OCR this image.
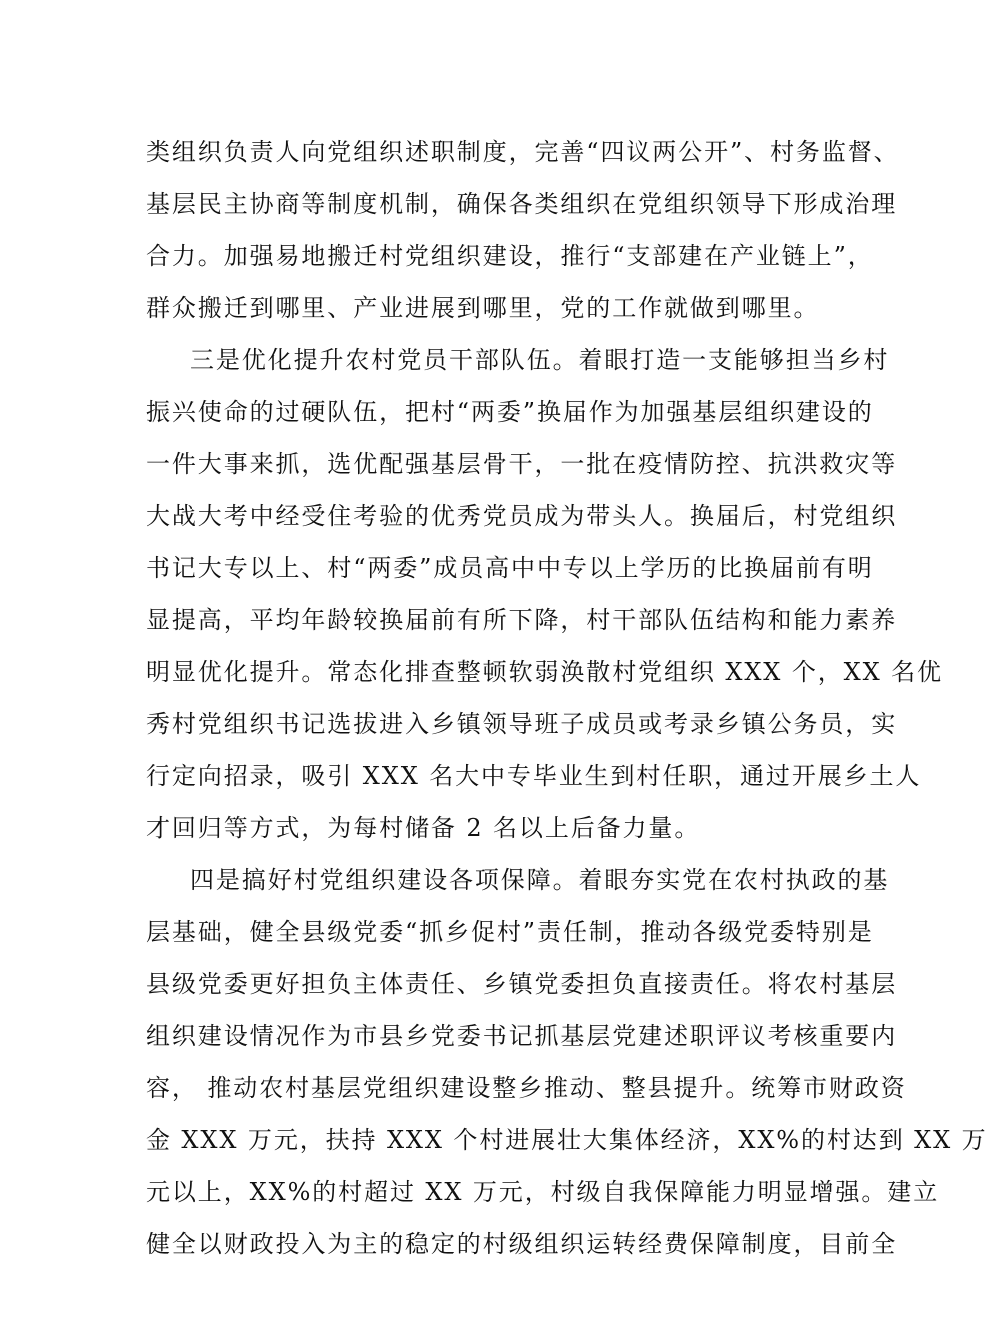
类组织负责人向党组织述职制度，完善“四议两公开”、村务监督、
基层民主协商等制度机制，确保各类组织在党组织领导下形成治理
合力。加强易地搬迁村党组织建设，推行“支部建在产业链上”，
群众搬迁到哪里、产业进展到哪里，党的工作就做到哪里。
三是优化提升农村党员干部队伍。着眼打造一支能够担当乡村
振兴使命的过硬队伍，把村“两委”换届作为加强基层组织建设的
一件大事来抓，选优配强基层骨干，一批在疫情防控、抗洪救灾等
大战大考中经受住考验的优秀党员成为带头人。换届后，村党组织
书记大专以上、村“两委”成员高中中专以上学历的比换届前有明
显提高，平均年龄较换届前有所下降，村干部队伍结构和能力素养
明显优化提升。常态化排查整顿软弱涣散村党组织 XXX 个，XX 名优
秀村党组织书记选拔进入乡镇领导班子成员或考录乡镇公务员，实
行定向招录，吸引 XXX 名大中专毕业生到村任职，通过开展乡土人
才回归等方式，为每村储备 2 名以上后备力量。
四是搞好村党组织建设各项保障。着眼夯实党在农村执政的基
层基础，健全县级党委“抓乡促村”责任制，推动各级党委特别是
县级党委更好担负主体责任、乡镇党委担负直接责任。将农村基层
组织建设情况作为市县乡党委书记抓基层党建述职评议考核重要内
容， 推动农村基层党组织建设整乡推动、整县提升。统筹市财政资
金 XXX 万元，扶持 XXX 个村进展壮大集体经济，XX%的村达到 XX 万
元以上，XX%的村超过 XX 万元，村级自我保障能力明显增强。建立
健全以财政投入为主的稳定的村级组织运转经费保障制度，目前全
